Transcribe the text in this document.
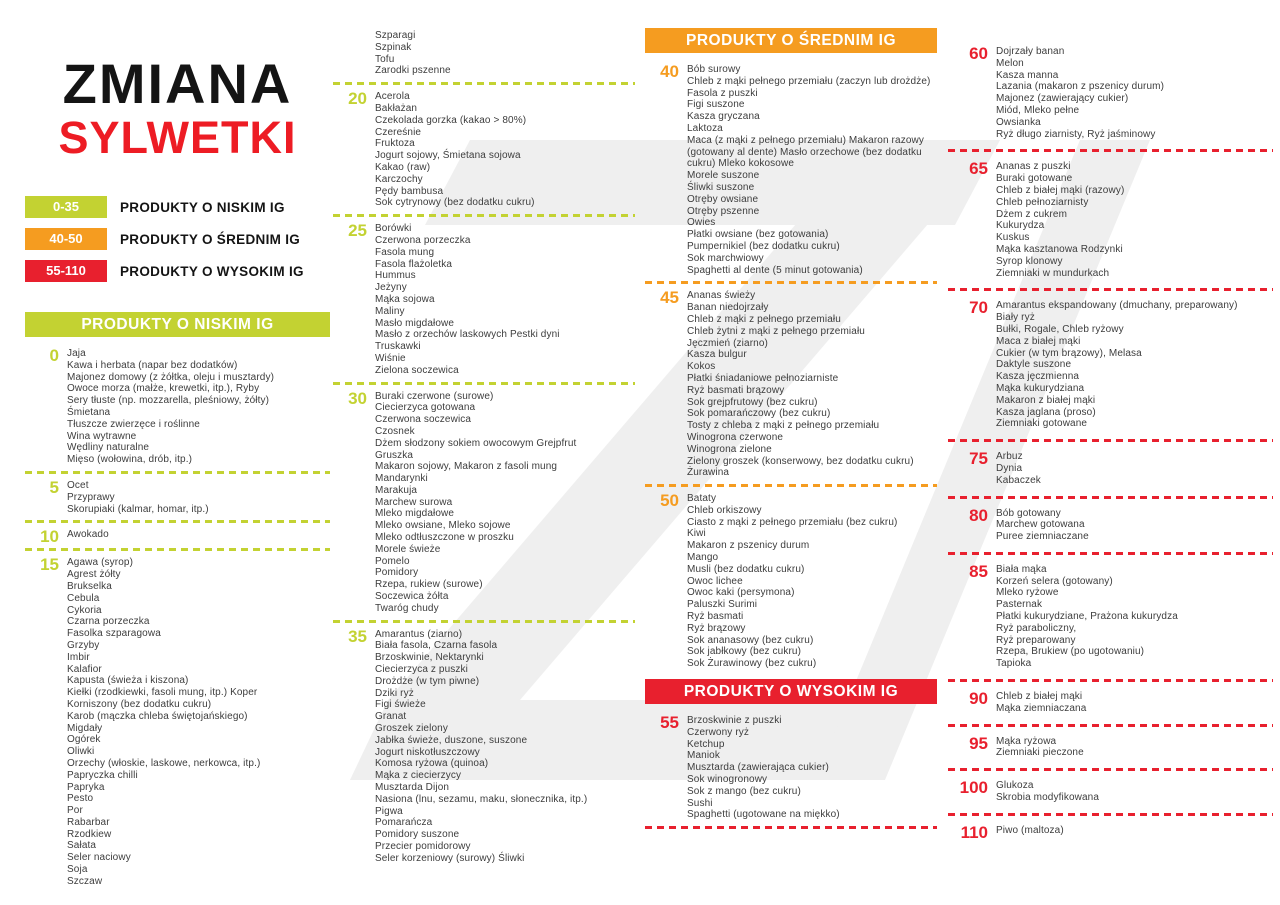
ZMIANA
SYLWETKI
0-35	PRODUKTY O NISKIM IG
40-50	PRODUKTY O ŚREDNIM IG
55-110	PRODUKTY O WYSOKIM IG
PRODUKTY O NISKIM IG
0 Jaja
Kawa i herbata (napar bez dodatków)
Majonez domowy (z żółtka, oleju i musztardy)
Owoce morza (małże, krewetki, itp.), Ryby
Sery tłuste (np. mozzarella, pleśniowy, żółty)
Śmietana
Tłuszcze zwierzęce i roślinne
Wina wytrawne
Wędliny naturalne
Mięso (wołowina, drób, itp.)
5 Ocet
Przyprawy
Skorupiaki (kalmar, homar, itp.)
10 Awokado
15 Agawa (syrop)
Agrest żółty
Brukselka
Cebula
Cykoria
Czarna porzeczka
Fasolka szparagowa
Grzyby
Imbir
Kalafior
Kapusta (świeża i kiszona)
Kiełki (rzodkiewki, fasoli mung, itp.) Koper
Korniszony (bez dodatku cukru)
Karob (mączka chleba świętojańskiego)
Migdały
Ogórek
Oliwki
Orzechy (włoskie, laskowe, nerkowca, itp.)
Papryczka chilli
Papryka
Pesto
Por
Rabarbar
Rzodkiew
Sałata
Seler naciowy
Soja
Szczaw
Szparagi
Szpinak
Tofu
Zarodki pszenne
20 Acerola
Bakłażan
Czekolada gorzka (kakao > 80%)
Czereśnie
Fruktoza
Jogurt sojowy, Śmietana sojowa
Kakao (raw)
Karczochy
Pędy bambusa
Sok cytrynowy (bez dodatku cukru)
25 Borówki
Czerwona porzeczka
Fasola mung
Fasola flażoletka
Hummus
Jeżyny
Mąka sojowa
Maliny
Masło migdałowe
Masło z orzechów laskowych Pestki dyni
Truskawki
Wiśnie
Zielona soczewica
30 Buraki czerwone (surowe)
Ciecierzyca gotowana
Czerwona soczewica
Czosnek
Dżem słodzony sokiem owocowym Grejpfrut
Gruszka
Makaron sojowy, Makaron z fasoli mung
Mandarynki
Marakuja
Marchew surowa
Mleko migdałowe
Mleko owsiane, Mleko sojowe
Mleko odtłuszczone w proszku
Morele świeże
Pomelo
Pomidory
Rzepa, rukiew (surowe)
Soczewica żółta
Twaróg chudy
35 Amarantus (ziarno)
Biała fasola, Czarna fasola
Brzoskwinie, Nektarynki
Ciecierzyca z puszki
Drożdże (w tym piwne)
Dziki ryż
Figi świeże
Granat
Groszek zielony
Jabłka świeże, duszone, suszone
Jogurt niskotłuszczowy
Komosa ryżowa (quinoa)
Mąka z ciecierzycy
Musztarda Dijon
Nasiona (lnu, sezamu, maku, słonecznika, itp.)
Pigwa
Pomarańcza
Pomidory suszone
Przecier pomidorowy
Seler korzeniowy (surowy) Śliwki
PRODUKTY O ŚREDNIM IG
40 Bób surowy
Chleb z mąki pełnego przemiału (zaczyn lub drożdże)
Fasola z puszki
Figi suszone
Kasza gryczana
Laktoza
Maca (z mąki z pełnego przemiału) Makaron razowy (gotowany al dente) Masło orzechowe (bez dodatku cukru) Mleko kokosowe
Morele suszone
Śliwki suszone
Otręby owsiane
Otręby pszenne
Owies
Płatki owsiane (bez gotowania)
Pumpernikiel (bez dodatku cukru)
Sok marchwiowy
Spaghetti al dente (5 minut gotowania)
45 Ananas świeży
Banan niedojrzały
Chleb z mąki z pełnego przemiału
Chleb żytni z mąki z pełnego przemiału
Jęczmień (ziarno)
Kasza bulgur
Kokos
Płatki śniadaniowe pełnoziarniste
Ryż basmati brązowy
Sok grejpfrutowy (bez cukru)
Sok pomarańczowy (bez cukru)
Tosty z chleba z mąki z pełnego przemiału
Winogrona czerwone
Winogrona zielone
Zielony groszek (konserwowy, bez dodatku cukru)
Żurawina
50 Bataty
Chleb orkiszowy
Ciasto z mąki z pełnego przemiału (bez cukru)
Kiwi
Makaron z pszenicy durum
Mango
Musli (bez dodatku cukru)
Owoc lichee
Owoc kaki (persymona)
Paluszki Surimi
Ryż basmati
Ryż brązowy
Sok ananasowy (bez cukru)
Sok jabłkowy (bez cukru)
Sok Żurawinowy (bez cukru)
PRODUKTY O WYSOKIM IG
55 Brzoskwinie z puszki
Czerwony ryż
Ketchup
Maniok
Musztarda (zawierająca cukier)
Sok winogronowy
Sok z mango (bez cukru)
Sushi
Spaghetti (ugotowane na miękko)
60 Dojrzały banan
Melon
Kasza manna
Lazania (makaron z pszenicy durum)
Majonez (zawierający cukier)
Miód, Mleko pełne
Owsianka
Ryż długo ziarnisty, Ryż jaśminowy
65 Ananas z puszki
Buraki gotowane
Chleb z białej mąki (razowy)
Chleb pełnoziarnisty
Dżem z cukrem
Kukurydza
Kuskus
Mąka kasztanowa Rodzynki
Syrop klonowy
Ziemniaki w mundurkach
70 Amarantus ekspandowany (dmuchany, preparowany)
Biały ryż
Bułki, Rogale, Chleb ryżowy
Maca z białej mąki
Cukier (w tym brązowy), Melasa
Daktyle suszone
Kasza jęczmienna
Mąka kukurydziana
Makaron z białej mąki
Kasza jaglana (proso)
Ziemniaki gotowane
75 Arbuz
Dynia
Kabaczek
80 Bób gotowany
Marchew gotowana
Puree ziemniaczane
85 Biała mąka
Korzeń selera (gotowany)
Mleko ryżowe
Pasternak
Płatki kukurydziane, Prażona kukurydza
Ryż paraboliczny,
Ryż preparowany
Rzepa, Brukiew (po ugotowaniu)
Tapioka
90 Chleb z białej mąki
Mąka ziemniaczana
95 Mąka ryżowa
Ziemniaki pieczone
100 Glukoza
Skrobia modyfikowana
110 Piwo (maltoza)
